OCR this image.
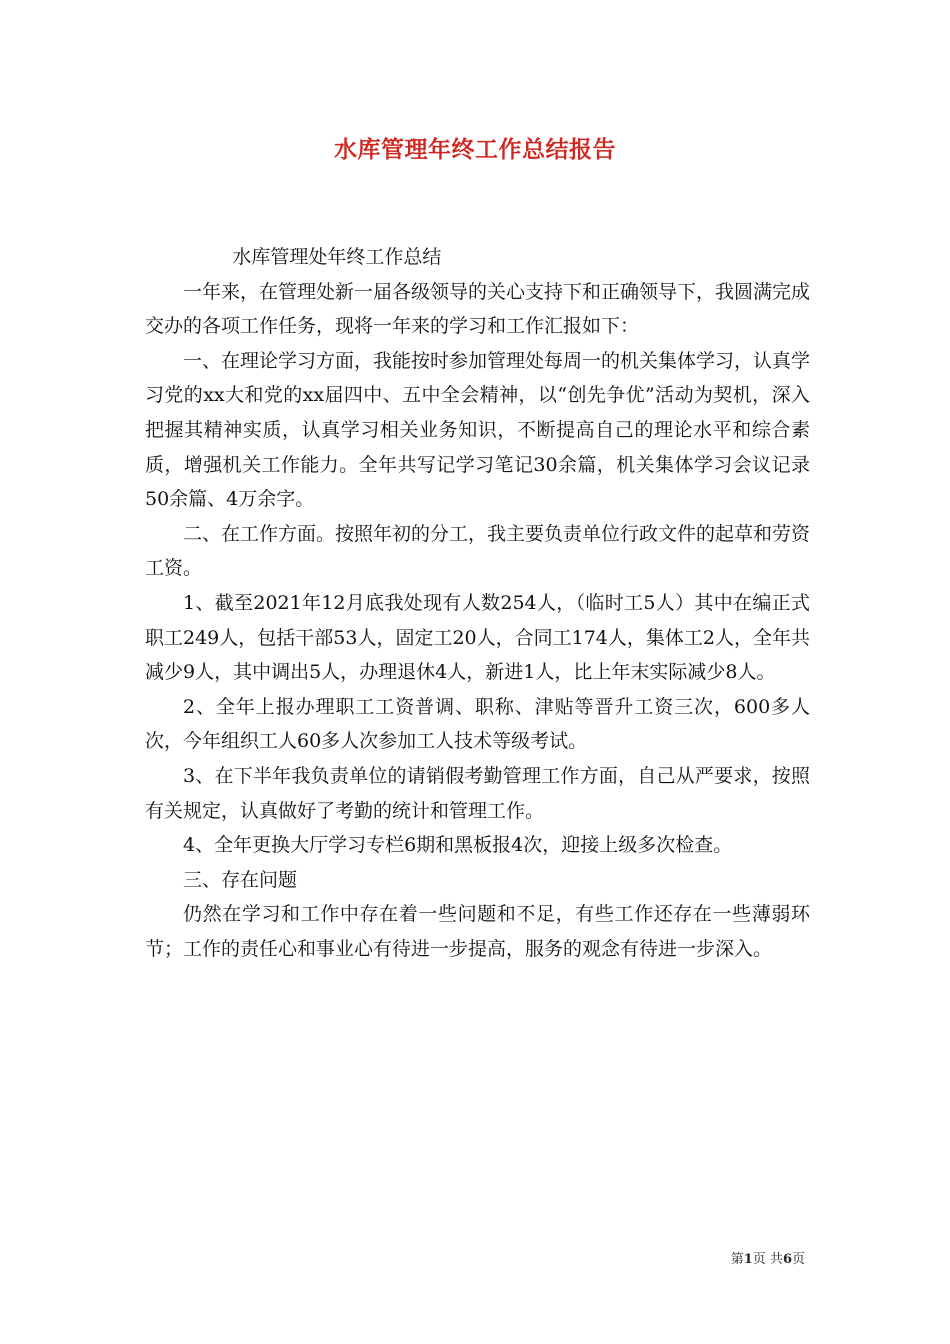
水库管理年终工作总结报告

水库管理处年终工作总结

一年来，在管理处新一届各级领导的关心支持下和正确领导下，我圆满完成交办的各项工作任务，现将一年来的学习和工作汇报如下：

一、在理论学习方面，我能按时参加管理处每周一的机关集体学习，认真学习党的xx大和党的xx届四中、五中全会精神，以“创先争优”活动为契机，深入把握其精神实质，认真学习相关业务知识，不断提高自己的理论水平和综合素质，增强机关工作能力。全年共写记学习笔记30余篇，机关集体学习会议记录50余篇、4万余字。

二、在工作方面。按照年初的分工，我主要负责单位行政文件的起草和劳资工资。

1、截至2021年12月底我处现有人数254人，（临时工5人）其中在编正式职工249人，包括干部53人，固定工20人，合同工174人，集体工2人，全年共减少9人，其中调出5人，办理退休4人，新进1人，比上年末实际减少8人。

2、全年上报办理职工工资普调、职称、津贴等晋升工资三次，600多人次，今年组织工人60多人次参加工人技术等级考试。

3、在下半年我负责单位的请销假考勤管理工作方面，自己从严要求，按照有关规定，认真做好了考勤的统计和管理工作。

4、全年更换大厅学习专栏6期和黑板报4次，迎接上级多次检查。

三、存在问题

仍然在学习和工作中存在着一些问题和不足，有些工作还存在一些薄弱环节；工作的责任心和事业心有待进一步提高，服务的观念有待进一步深入。

第1页 共6页
